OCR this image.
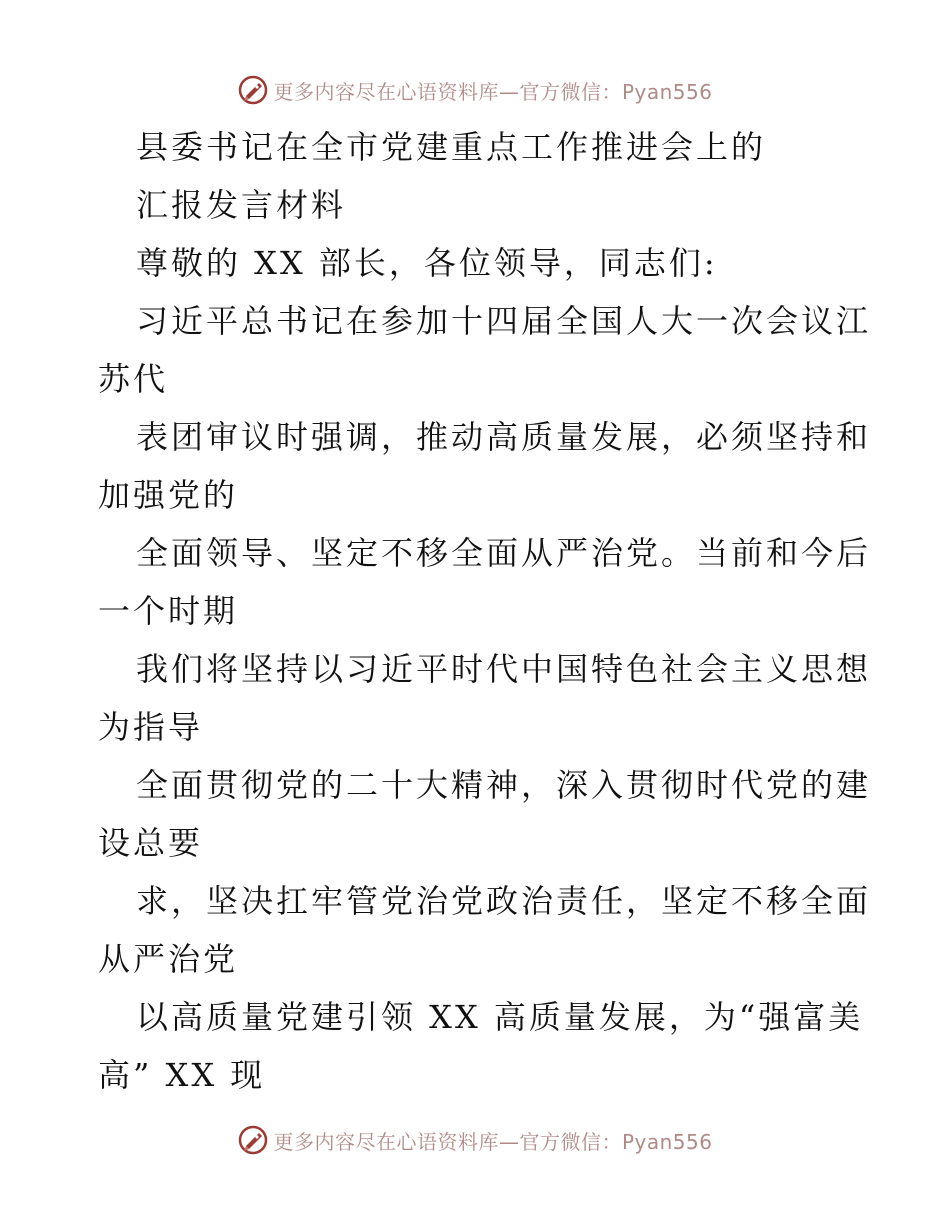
更多内容尽在心语资料库—官方微信：Pyan556
县委书记在全市党建重点工作推进会上的
汇报发言材料
尊敬的 XX 部长，各位领导，同志们:
习近平总书记在参加十四届全国人大一次会议江
苏代
表团审议时强调，推动高质量发展，必须坚持和
加强党的
全面领导、坚定不移全面从严治党。当前和今后
一个时期
我们将坚持以习近平时代中国特色社会主义思想
为指导
全面贯彻党的二十大精神，深入贯彻时代党的建
设总要
求，坚决扛牢管党治党政治责任，坚定不移全面
从严治党
以高质量党建引领 XX 高质量发展，为“强富美
高” XX 现
更多内容尽在心语资料库—官方微信：Pyan556
